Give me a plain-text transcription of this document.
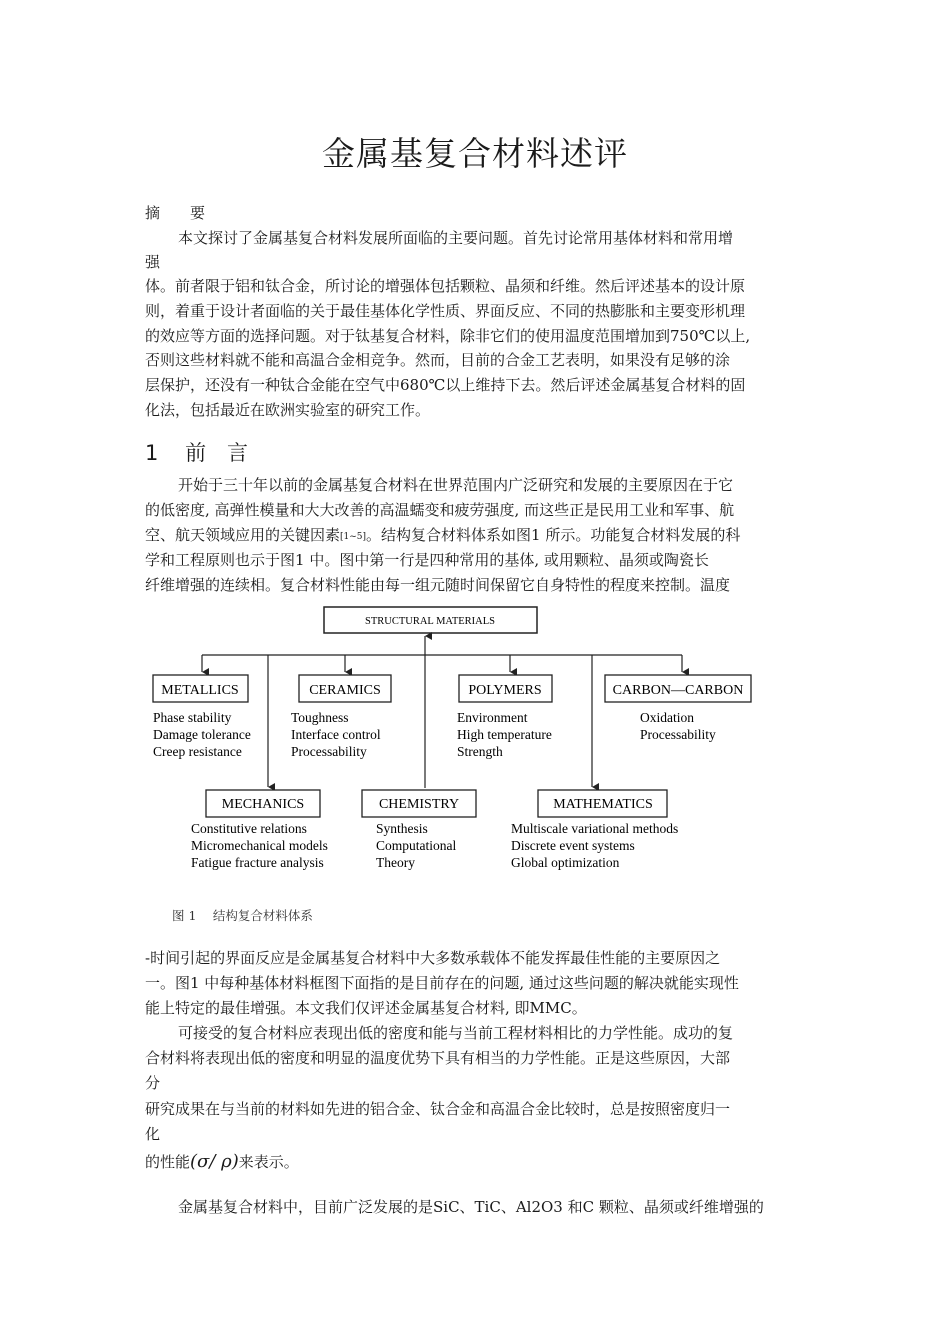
金属基复合材料述评
摘　　要
本文探讨了金属基复合材料发展所面临的主要问题。首先讨论常用基体材料和常用增
强
体。前者限于铝和钛合金，所讨论的增强体包括颗粒、晶须和纤维。然后评述基本的设计原
则，着重于设计者面临的关于最佳基体化学性质、界面反应、不同的热膨胀和主要变形机理
的效应等方面的选择问题。对于钛基复合材料，除非它们的使用温度范围增加到750℃以上,
否则这些材料就不能和高温合金相竞争。然而，目前的合金工艺表明，如果没有足够的涂
层保护，还没有一种钛合金能在空气中680℃以上维持下去。然后评述金属基复合材料的固
化法，包括最近在欧洲实验室的研究工作。
1 前　言
开始于三十年以前的金属基复合材料在世界范围内广泛研究和发展的主要原因在于它
的低密度, 高弹性模量和大大改善的高温蠕变和疲劳强度, 而这些正是民用工业和军事、航
空、航天领域应用的关键因素[1~5]。结构复合材料体系如图1 所示。功能复合材料发展的科
学和工程原则也示于图1 中。图中第一行是四种常用的基体, 或用颗粒、晶须或陶瓷长
纤维增强的连续相。复合材料性能由每一组元随时间保留它自身特性的程度来控制。温度
STRUCTURAL MATERIALS
METALLICS	CERAMICS	POLYMERS	CARBON—CARBON
Phase stability
Damage tolerance
Creep resistance
Toughness
Interface control
Processability
Environment
High temperature
Strength
Oxidation
Processability
MECHANICS	CHEMISTRY	MATHEMATICS
Constitutive relations
Micromechanical models
Fatigue fracture analysis
Synthesis
Computational
Theory
Multiscale variational methods
Discrete event systems
Global optimization
图 1　 结构复合材料体系
-时间引起的界面反应是金属基复合材料中大多数承载体不能发挥最佳性能的主要原因之
一。图1 中每种基体材料框图下面指的是目前存在的问题, 通过这些问题的解决就能实现性
能上特定的最佳增强。本文我们仅评述金属基复合材料, 即MMC。
可接受的复合材料应表现出低的密度和能与当前工程材料相比的力学性能。成功的复
合材料将表现出低的密度和明显的温度优势下具有相当的力学性能。正是这些原因，大部
分
研究成果在与当前的材料如先进的铝合金、钛合金和高温合金比较时，总是按照密度归一
化
的性能(σ/ ρ)来表示。
金属基复合材料中，目前广泛发展的是SiC、TiC、Al2O3 和C 颗粒、晶须或纤维增强的
